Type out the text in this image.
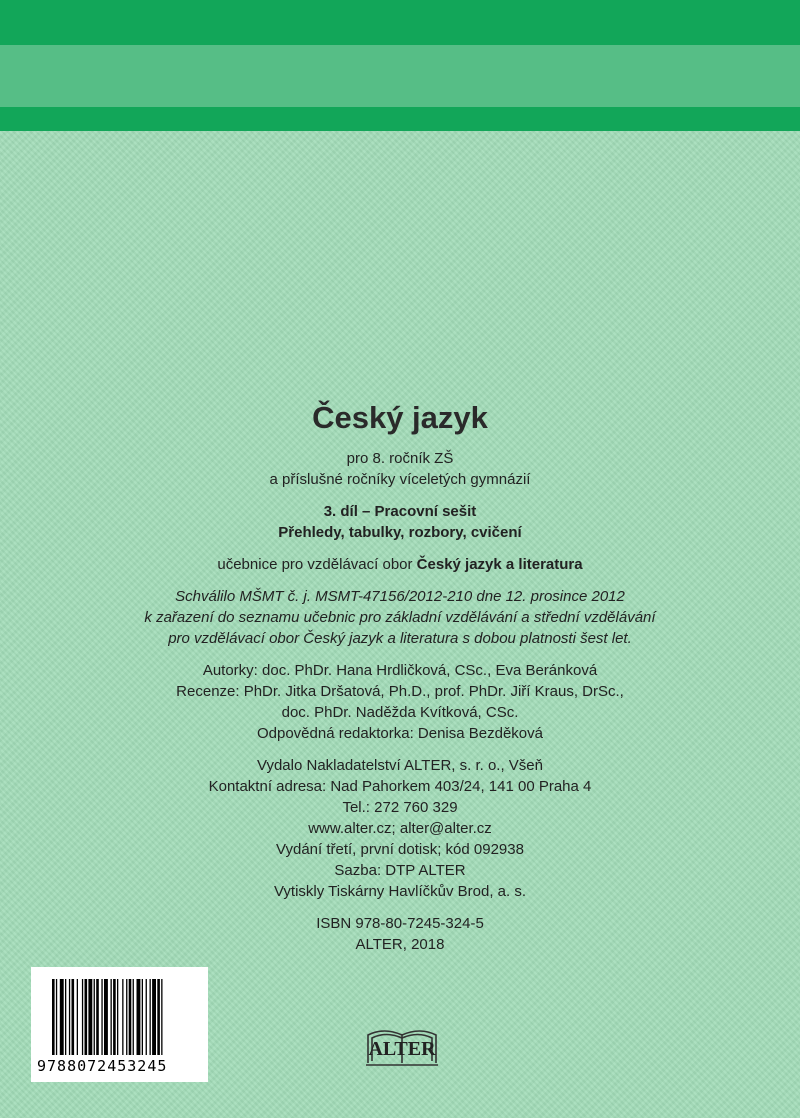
Český jazyk
pro 8. ročník ZŠ
a příslušné ročníky víceletých gymnázií
3. díl – Pracovní sešit
Přehledy, tabulky, rozbory, cvičení
učebnice pro vzdělávací obor Český jazyk a literatura
Schválilo MŠMT č. j. MSMT-47156/2012-210 dne 12. prosince 2012
k zařazení do seznamu učebnic pro základní vzdělávání a střední vzdělávání
pro vzdělávací obor Český jazyk a literatura s dobou platnosti šest let.
Autorky: doc. PhDr. Hana Hrdličková, CSc., Eva Beránková
Recenze: PhDr. Jitka Dršatová, Ph.D., prof. PhDr. Jiří Kraus, DrSc.,
doc. PhDr. Naděžda Kvítková, CSc.
Odpovědná redaktorka: Denisa Bezděková
Vydalo Nakladatelství ALTER, s. r. o., Všeň
Kontaktní adresa: Nad Pahorkem 403/24, 141 00 Praha 4
Tel.: 272 760 329
www.alter.cz; alter@alter.cz
Vydání třetí, první dotisk; kód 092938
Sazba: DTP ALTER
Vytiskly Tiskárny Havlíčkův Brod, a. s.
ISBN 978-80-7245-324-5
ALTER, 2018
9788072453245
ALTER
